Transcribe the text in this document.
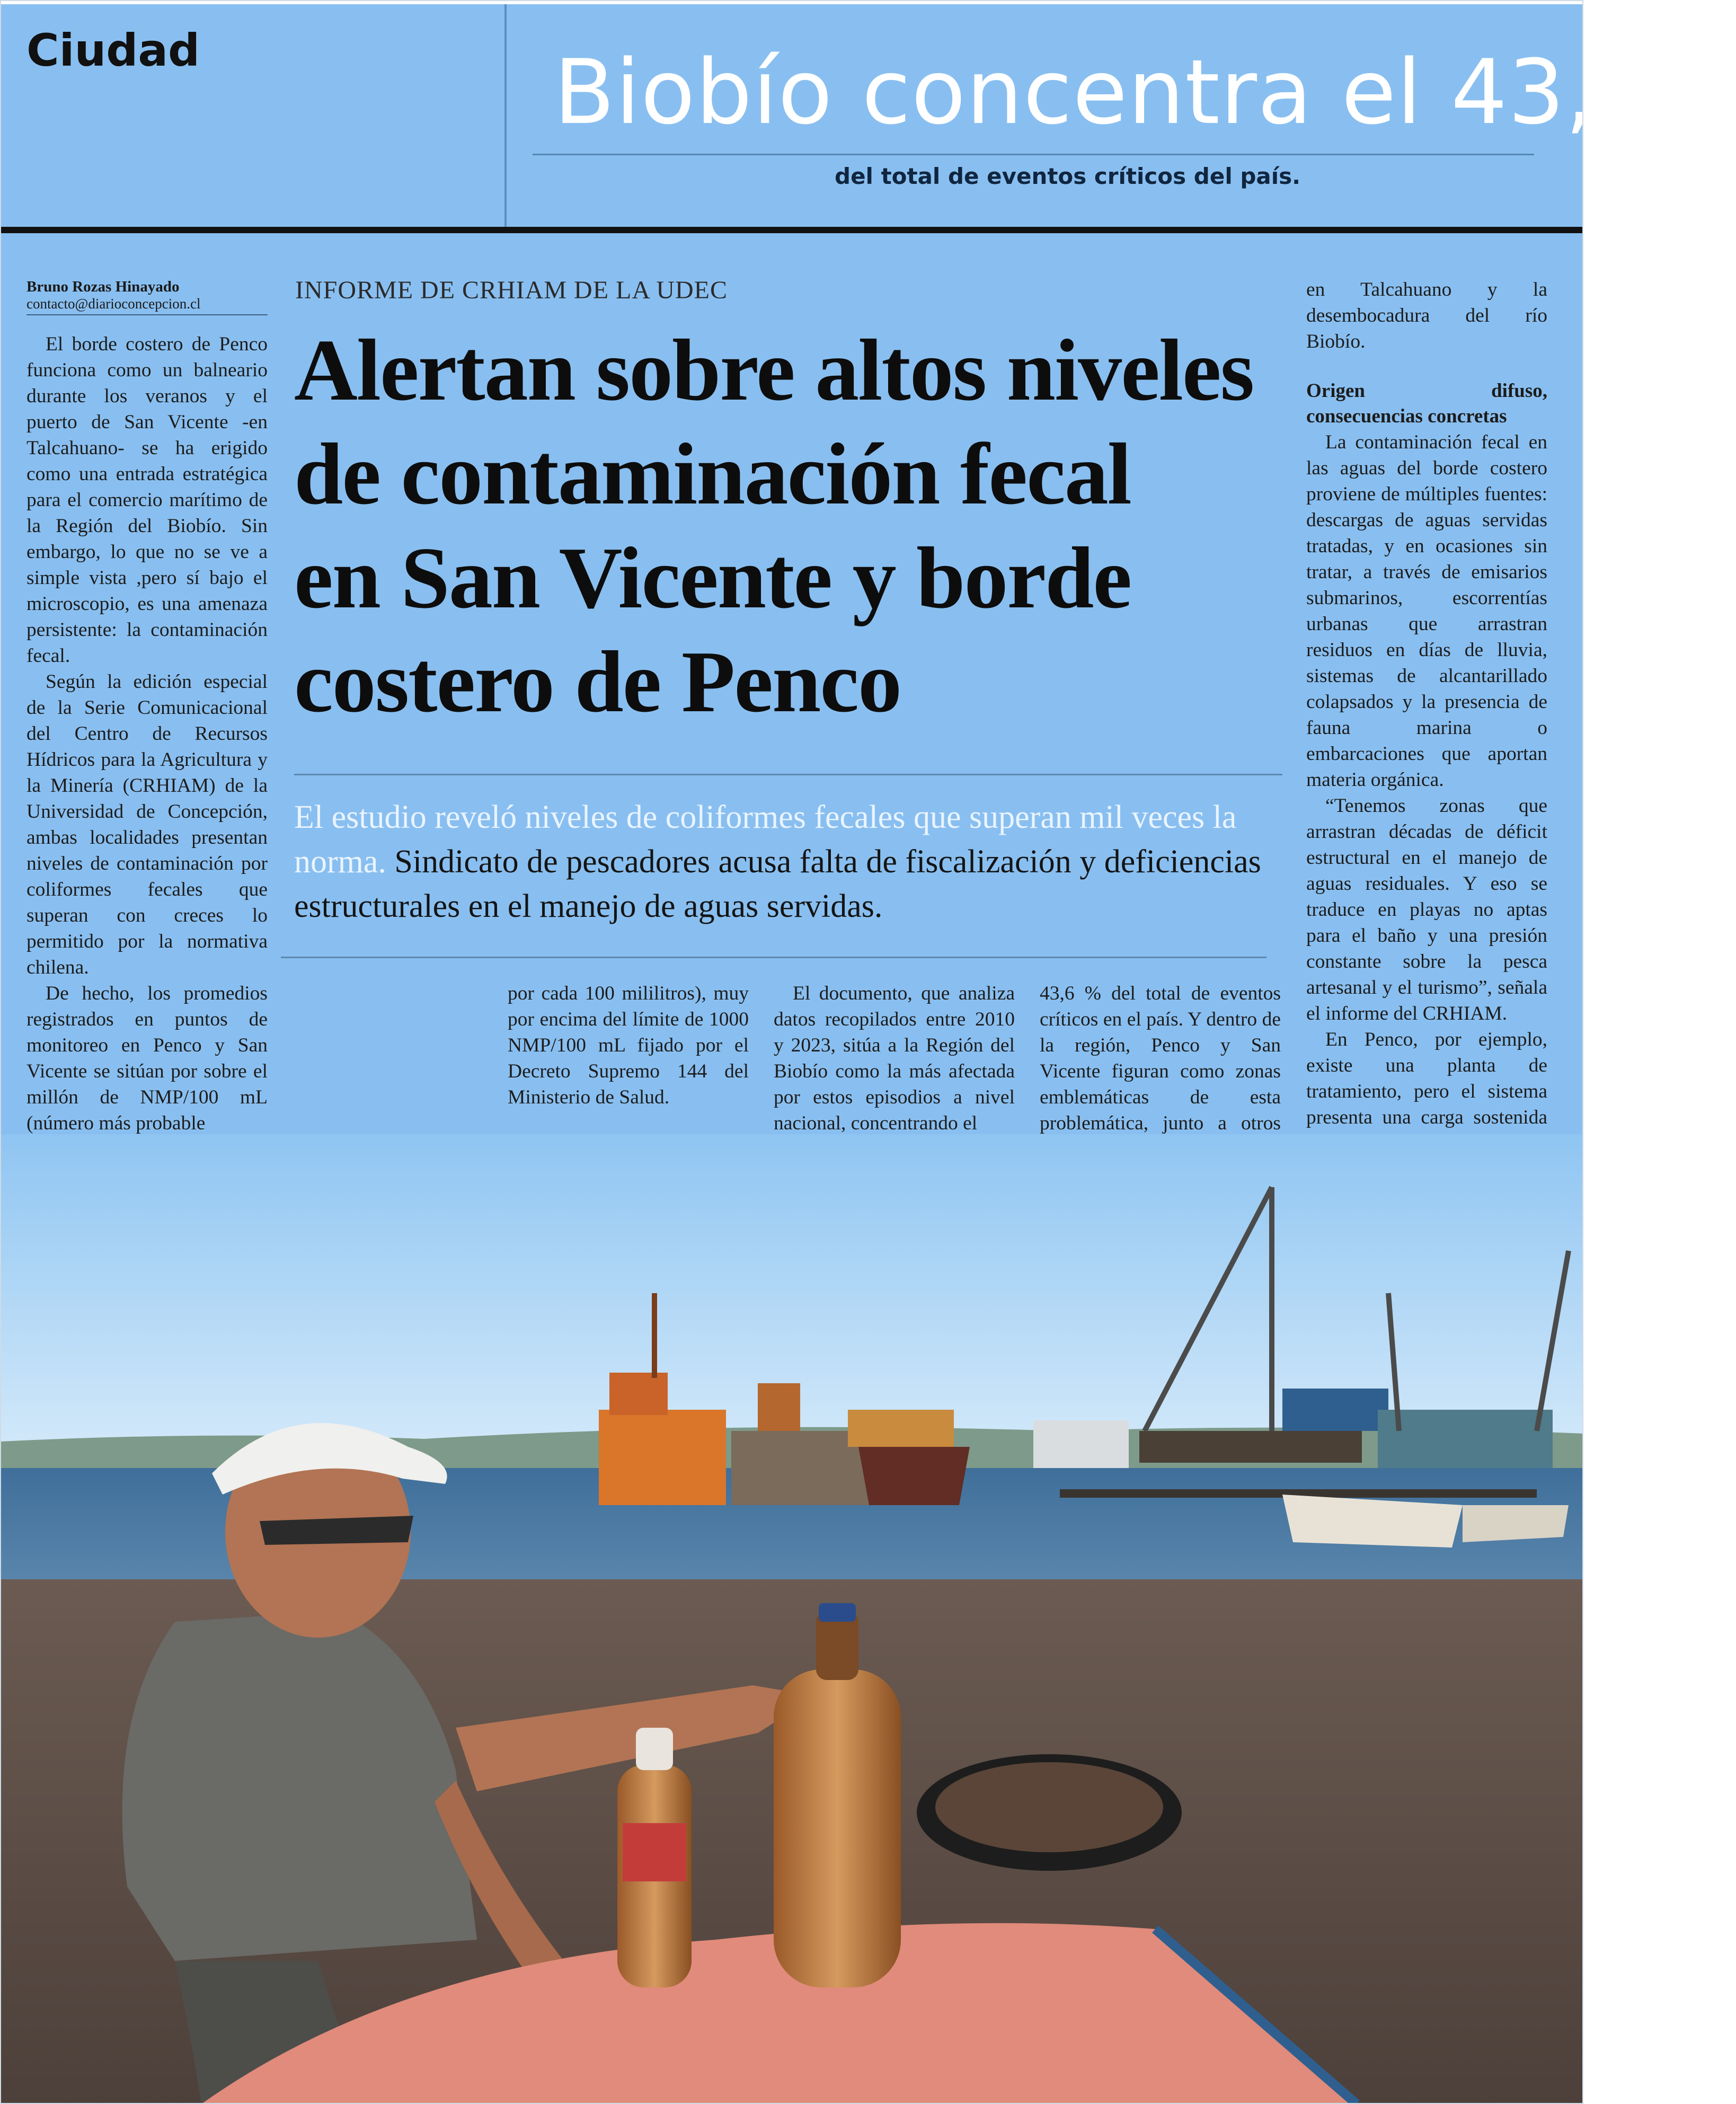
Ciudad	Biobío concentra el 43,6%
del total de eventos críticos del país.
Bruno Rozas Hinayado
contacto@diarioconcepcion.cl

El borde costero de Penco funciona como un balneario durante los veranos y el puerto de San Vicente -en Talcahuano- se ha erigido como una entrada estratégica para el comercio marítimo de la Región del Biobío. Sin embargo, lo que no se ve a simple vista ,pero sí bajo el microscopio, es una amenaza persistente: la contaminación fecal.

Según la edición especial de la Serie Comunicacional del Centro de Recursos Hídricos para la Agricultura y la Minería (CRHIAM) de la Universidad de Concepción, ambas localidades presentan niveles de contaminación por coliformes fecales que superan con creces lo permitido por la normativa chilena.

De hecho, los promedios registrados en puntos de monitoreo en Penco y San Vicente se sitúan por sobre el millón de NMP/100 mL (número más probable

INFORME DE CRHIAM DE LA UDEC
Alertan sobre altos niveles
de contaminación fecal
en San Vicente y borde
costero de Penco
El estudio reveló niveles de coliformes fecales que superan mil veces la norma. Sindicato de pescadores acusa falta de fiscalización y deficiencias estructurales en el manejo de aguas servidas.

por cada 100 mililitros), muy por encima del límite de 1000 NMP/100 mL fijado por el Decreto Supremo 144 del Ministerio de Salud.

El documento, que analiza datos recopilados entre 2010 y 2023, sitúa a la Región del Biobío como la más afectada por estos episodios a nivel nacional, concentrando el

43,6 % del total de eventos críticos en el país. Y dentro de la región, Penco y San Vicente figuran como zonas emblemáticas de esta problemática, junto a otros

en Talcahuano y la desembocadura del río Biobío.

Origen difuso, consecuencias concretas

La contaminación fecal en las aguas del borde costero proviene de múltiples fuentes: descargas de aguas servidas tratadas, y en ocasiones sin tratar, a través de emisarios submarinos, escorrentías urbanas que arrastran residuos en días de lluvia, sistemas de alcantarillado colapsados y la presencia de fauna marina o embarcaciones que aportan materia orgánica.

“Tenemos zonas que arrastran décadas de déficit estructural en el manejo de aguas residuales. Y eso se traduce en playas no aptas para el baño y una presión constante sobre la pesca artesanal y el turismo”, señala el informe del CRHIAM.

En Penco, por ejemplo, existe una planta de tratamiento, pero el sistema presenta una carga sostenida
